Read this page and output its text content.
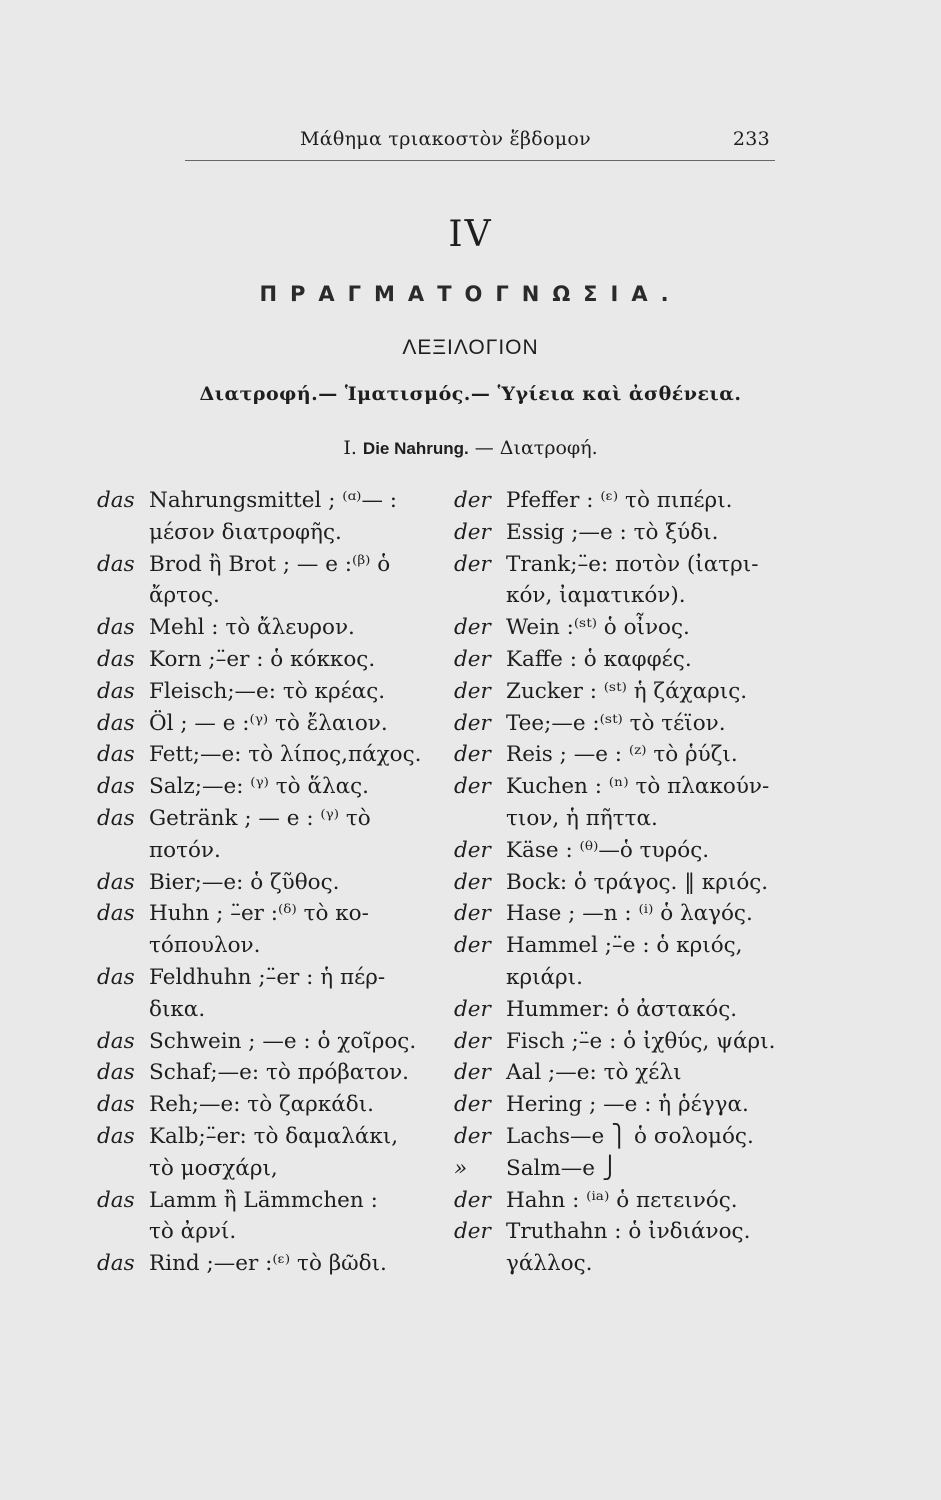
Μάθημα τριακοστὸν ἕβδομον	233
IV
ΠΡΑΓΜΑΤΟΓΝΩΣΙΑ.
ΛΕΞΙΛΟΓΙΟΝ
Διατροφή.— Ἱματισμός.— Ὑγίεια καὶ ἀσθένεια.
I. Die Nahrung. — Διατροφή.
das Nahrungsmittel ; ⁽ᵅ⁾— :
μέσον διατροφῆς.
das Brod ἢ Brot ; — e :⁽ᵝ⁾ ὁ
ἄρτος.
das Mehl : τὸ ἄλευρον.
das Korn ;–̈er : ὁ κόκκος.
das Fleisch;—e: τὸ κρέας.
das Öl ; — e :⁽ᵞ⁾ τὸ ἔλαιον.
das Fett;—e: τὸ λίπος,πάχος.
das Salz;—e: ⁽ᵞ⁾ τὸ ἅλας.
das Getränk ; — e : ⁽ᵞ⁾ τὸ
ποτόν.
das Bier;—e: ὁ ζῦθος.
das Huhn ; –̈er :⁽ᵟ⁾ τὸ κο-
τόπουλον.
das Feldhuhn ;–̈er : ἡ πέρ-
δικα.
das Schwein ; —e : ὁ χοῖρος.
das Schaf;—e: τὸ πρόβατον.
das Reh;—e: τὸ ζαρκάδι.
das Kalb;–̈er: τὸ δαμαλάκι,
τὸ μοσχάρι,
das Lamm ἢ Lämmchen :
τὸ ἀρνί.
das Rind ;—er :⁽ᵋ⁾ τὸ βῶδι.
der Pfeffer : ⁽ᵋ⁾ τὸ πιπέρι.
der Essig ;—e : τὸ ξύδι.
der Trank;–̈e: ποτὸν (ἰατρι-
κόν, ἰαματικόν).
der Wein :⁽ˢᵗ⁾ ὁ οἶνος.
der Kaffe : ὁ καφφές.
der Zucker : ⁽ˢᵗ⁾ ἡ ζάχαρις.
der Tee;—e :⁽ˢᵗ⁾ τὸ τέϊον.
der Reis ; —e : ⁽ᶻ⁾ τὸ ῥύζι.
der Kuchen : ⁽ⁿ⁾ τὸ πλακούν-
τιον, ἡ πῆττα.
der Käse : ⁽ᶿ⁾—ὁ τυρός.
der Bock: ὁ τράγος. ‖ κριός.
der Hase ; —n : ⁽ⁱ⁾ ὁ λαγός.
der Hammel ;–̈e : ὁ κριός,
κριάρι.
der Hummer: ὁ ἀστακός.
der Fisch ;–̈e : ὁ ἰχθύς, ψάρι.
der Aal ;—e: τὸ χέλι
der Hering ; —e : ἡ ῥέγγα.
der Lachs—e ⎫ ὁ σολομός.
» Salm—e ⎭
der Hahn : ⁽ⁱᵃ⁾ ὁ πετεινός.
der Truthahn : ὁ ἰνδιάνος.
γάλλος.
